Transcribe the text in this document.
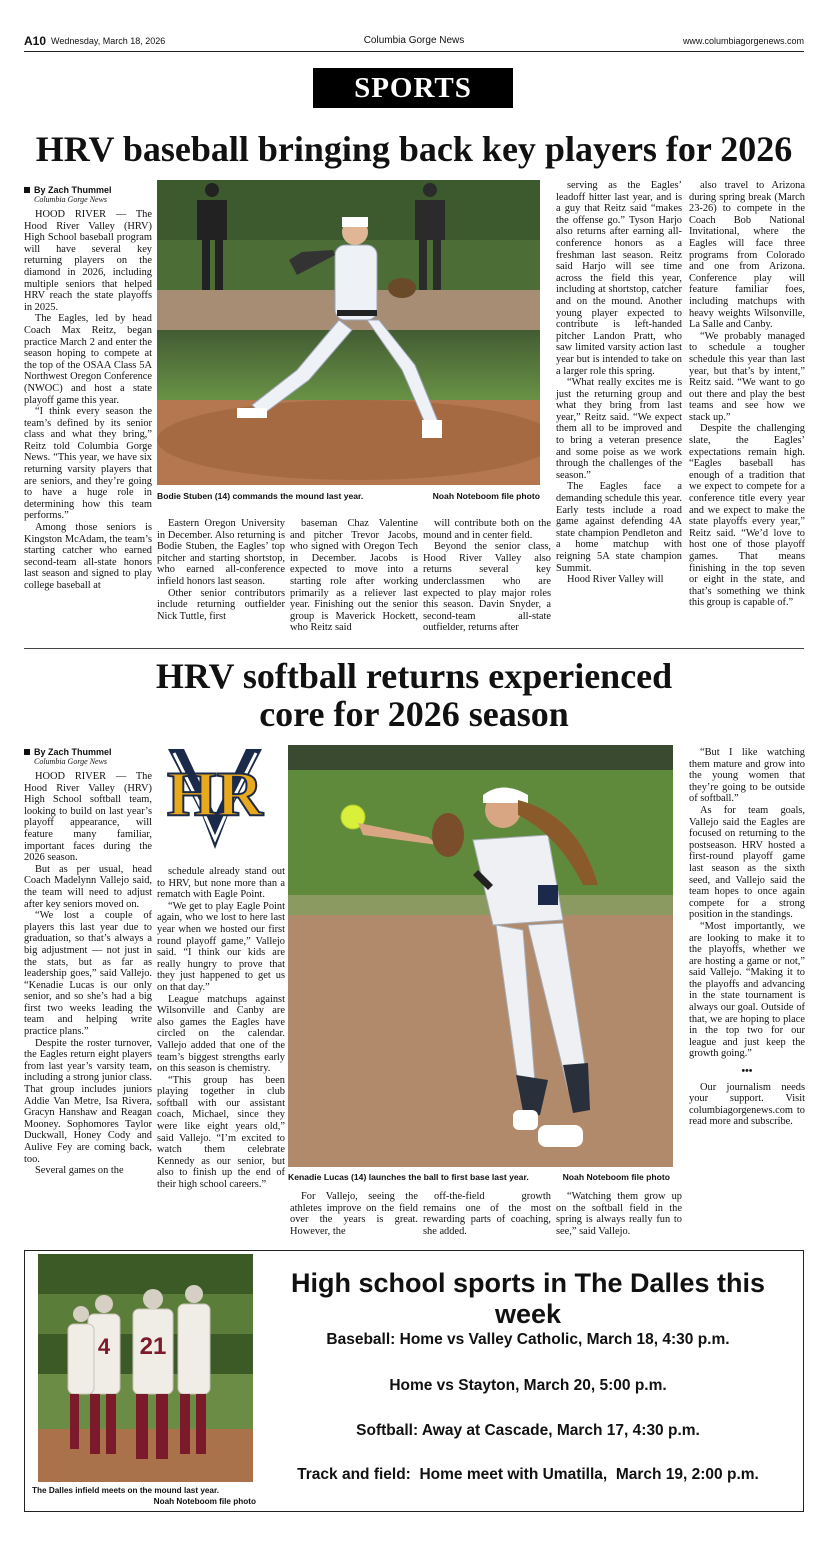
A10 Wednesday, March 18, 2026	Columbia Gorge News	www.columbiagorgenews.com
SPORTS
HRV baseball bringing back key players for 2026
By Zach Thummel
Columbia Gorge News

HOOD RIVER — The Hood River Valley (HRV) High School baseball program will have several key returning players on the diamond in 2026, including multiple seniors that helped HRV reach the state playoffs in 2025.

The Eagles, led by head Coach Max Reitz, began practice March 2 and enter the season hoping to compete at the top of the OSAA Class 5A Northwest Oregon Conference (NWOC) and host a state playoff game this year.

“I think every season the team’s defined by its senior class and what they bring,” Reitz told Columbia Gorge News. “This year, we have six returning varsity players that are seniors, and they’re going to have a huge role in determining how this team performs.”

Among those seniors is Kingston McAdam, the team’s starting catcher who earned second-team all-state honors last season and signed to play college baseball at

Bodie Stuben (14) commands the mound last year.	Noah Noteboom file photo

Eastern Oregon University in December. Also returning is Bodie Stuben, the Eagles’ top pitcher and starting shortstop, who earned all-conference infield honors last season.

Other senior contributors include returning outfielder Nick Tuttle, first

baseman Chaz Valentine and pitcher Trevor Jacobs, who signed with Oregon Tech in December. Jacobs is expected to move into a starting role after working primarily as a reliever last year. Finishing out the senior group is Maverick Hockett, who Reitz said

will contribute both on the mound and in center field.

Beyond the senior class, Hood River Valley also returns several key underclassmen who are expected to play major roles this season. Davin Snyder, a second-team all-state outfielder, returns after

serving as the Eagles’ leadoff hitter last year, and is a guy that Reitz said “makes the offense go.” Tyson Harjo also returns after earning all-conference honors as a freshman last season. Reitz said Harjo will see time across the field this year, including at shortstop, catcher and on the mound. Another young player expected to contribute is left-handed pitcher Landon Pratt, who saw limited varsity action last year but is intended to take on a larger role this spring.

“What really excites me is just the returning group and what they bring from last year,” Reitz said. “We expect them all to be improved and to bring a veteran presence and some poise as we work through the challenges of the season.”

The Eagles face a demanding schedule this year. Early tests include a road game against defending 4A state champion Pendleton and a home matchup with reigning 5A state champion Summit.

Hood River Valley will

also travel to Arizona during spring break (March 23-26) to compete in the Coach Bob National Invitational, where the Eagles will face three programs from Colorado and one from Arizona. Conference play will feature familiar foes, including matchups with heavy weights Wilsonville, La Salle and Canby.

“We probably managed to schedule a tougher schedule this year than last year, but that’s by intent,” Reitz said. “We want to go out there and play the best teams and see how we stack up.”

Despite the challenging slate, the Eagles’ expectations remain high. “Eagles baseball has enough of a tradition that we expect to compete for a conference title every year and we expect to make the state playoffs every year,” Reitz said. “We’d love to host one of those playoff games. That means finishing in the top seven or eight in the state, and that’s something we think this group is capable of.”

HRV softball returns experienced
core for 2026 season
By Zach Thummel
Columbia Gorge News

HOOD RIVER — The Hood River Valley (HRV) High School softball team, looking to build on last year’s playoff appearance, will feature many familiar, important faces during the 2026 season.

But as per usual, head Coach Madelynn Vallejo said, the team will need to adjust after key seniors moved on.

“We lost a couple of players this last year due to graduation, so that’s always a big adjustment — not just in the stats, but as far as leadership goes,” said Vallejo. “Kenadie Lucas is our only senior, and so she’s had a big first two weeks leading the team and helping write practice plans.”

Despite the roster turnover, the Eagles return eight players from last year’s varsity team, including a strong junior class. That group includes juniors Addie Van Metre, Isa Rivera, Gracyn Hanshaw and Reagan Mooney. Sophomores Taylor Duckwall, Honey Cody and Aulive Fey are coming back, too.

Several games on the

HR

schedule already stand out to HRV, but none more than a rematch with Eagle Point.

“We get to play Eagle Point again, who we lost to here last year when we hosted our first round playoff game,” Vallejo said. “I think our kids are really hungry to prove that they just happened to get us on that day.”

League matchups against Wilsonville and Canby are also games the Eagles have circled on the calendar. Vallejo added that one of the team’s biggest strengths early on this season is chemistry.

“This group has been playing together in club softball with our assistant coach, Michael, since they were like eight years old,” said Vallejo. “I’m excited to watch them celebrate Kennedy as our senior, but also to finish up the end of their high school careers.”

Kenadie Lucas (14) launches the ball to first base last year.	Noah Noteboom file photo

For Vallejo, seeing the athletes improve on the field over the years is great. However, the

off-the-field growth remains one of the most rewarding parts of coaching, she added.

“Watching them grow up on the softball field in the spring is always really fun to see,” said Vallejo.

“But I like watching them mature and grow into the young women that they’re going to be outside of softball.”

As for team goals, Vallejo said the Eagles are focused on returning to the postseason. HRV hosted a first-round playoff game last season as the sixth seed, and Vallejo said the team hopes to once again compete for a strong position in the standings.

“Most importantly, we are looking to make it to the playoffs, whether we are hosting a game or not,” said Vallejo. “Making it to the playoffs and advancing in the state tournament is always our goal. Outside of that, we are hoping to place in the top two for our league and just keep the growth going.”

•••

Our journalism needs your support. Visit columbiagorgenews.com to read more and subscribe.

4 21
The Dalles infield meets on the mound last year.
Noah Noteboom file photo
High school sports in The Dalles this week
Baseball: Home vs Valley Catholic, March 18, 4:30 p.m.
Home vs Stayton, March 20, 5:00 p.m.
Softball: Away at Cascade, March 17, 4:30 p.m.
Track and field:  Home meet with Umatilla,  March 19, 2:00 p.m.
